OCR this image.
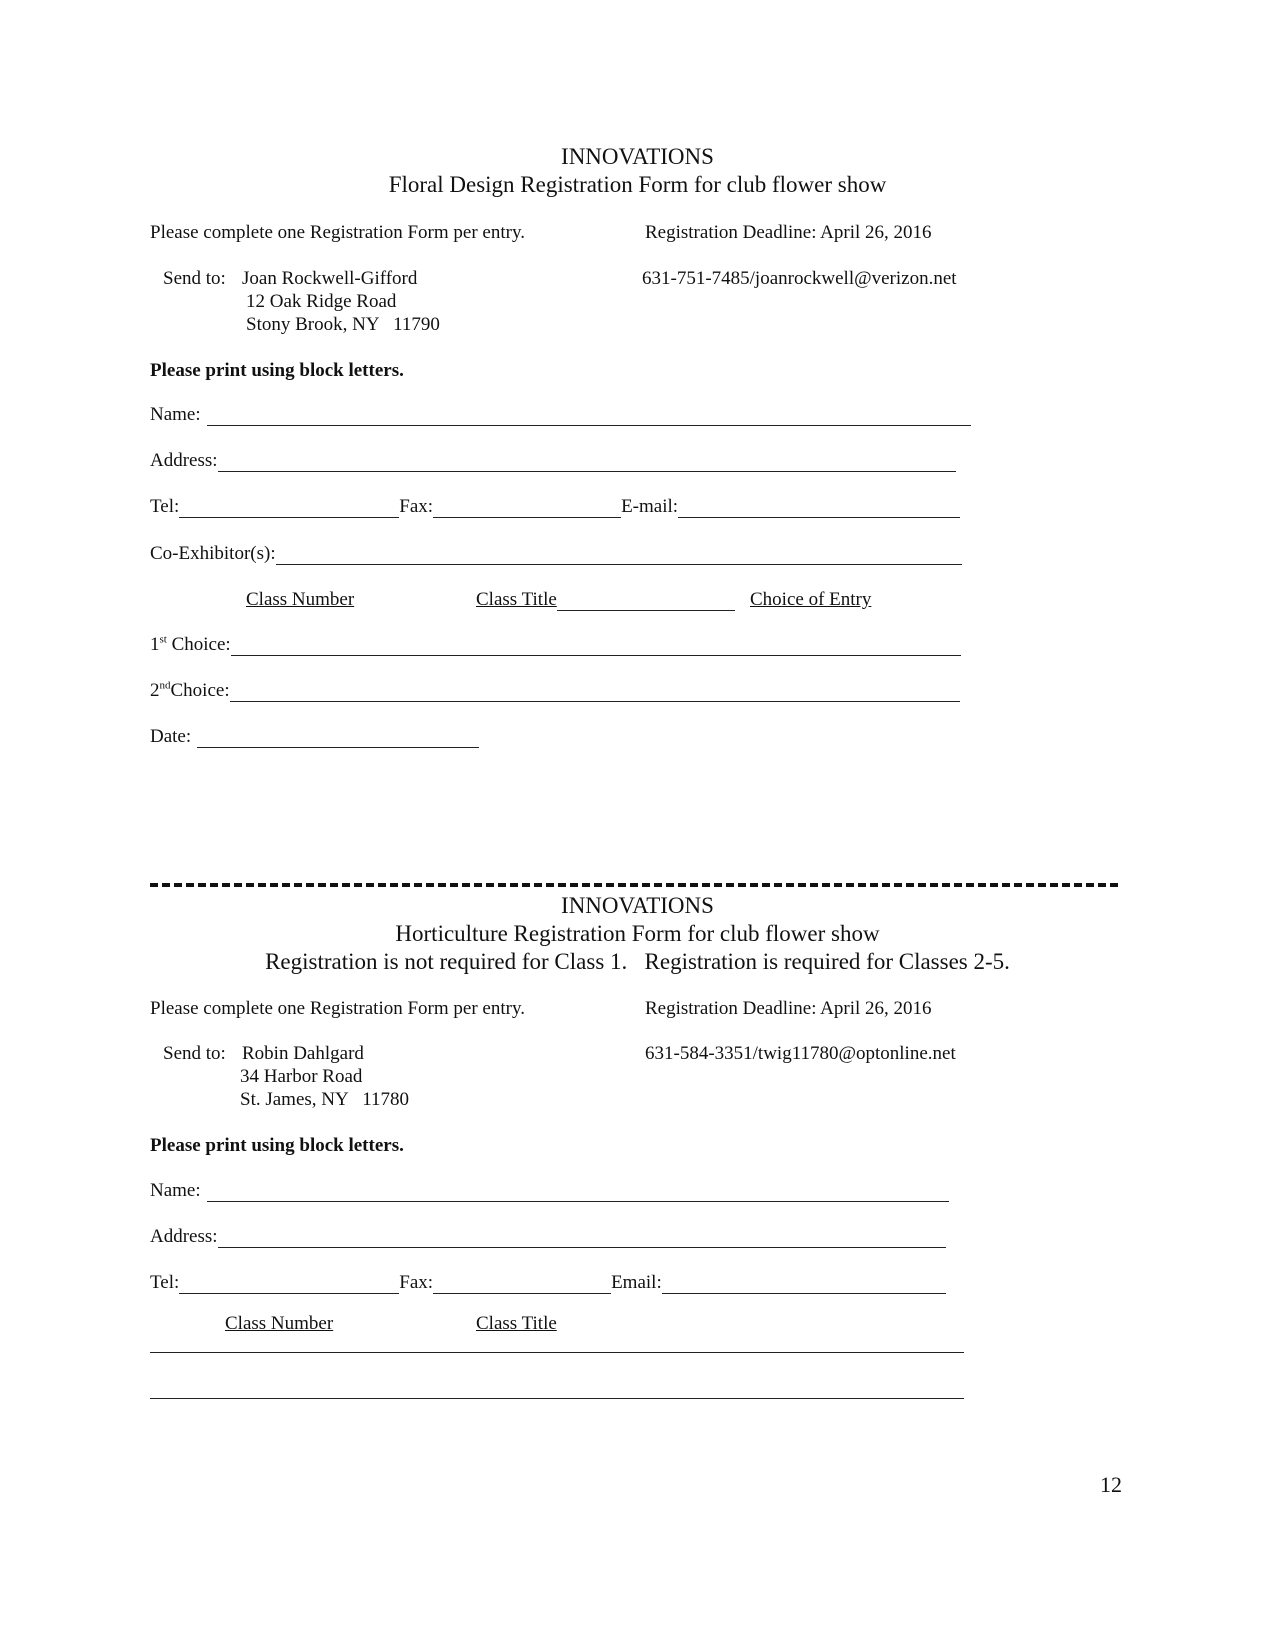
INNOVATIONS
Floral Design Registration Form for club flower show
Please complete one Registration Form per entry.	Registration Deadline: April 26, 2016
Send to: Joan Rockwell-Gifford
12 Oak Ridge Road
Stony Brook, NY   11790
631-751-7485/joanrockwell@verizon.net
Please print using block letters.
Name:
Address:
Tel:	Fax:	E-mail:
Co-Exhibitor(s):
Class Number	Class Title	Choice of Entry
1st Choice:
2ndChoice:
Date:
INNOVATIONS
Horticulture Registration Form for club flower show
Registration is not required for Class 1.   Registration is required for Classes 2-5.
Please complete one Registration Form per entry.	Registration Deadline: April 26, 2016
Send to: Robin Dahlgard
34 Harbor Road
St. James, NY   11780
631-584-3351/twig11780@optonline.net
Please print using block letters.
Name:
Address:
Tel:	Fax:	Email:
Class Number	Class Title
12
